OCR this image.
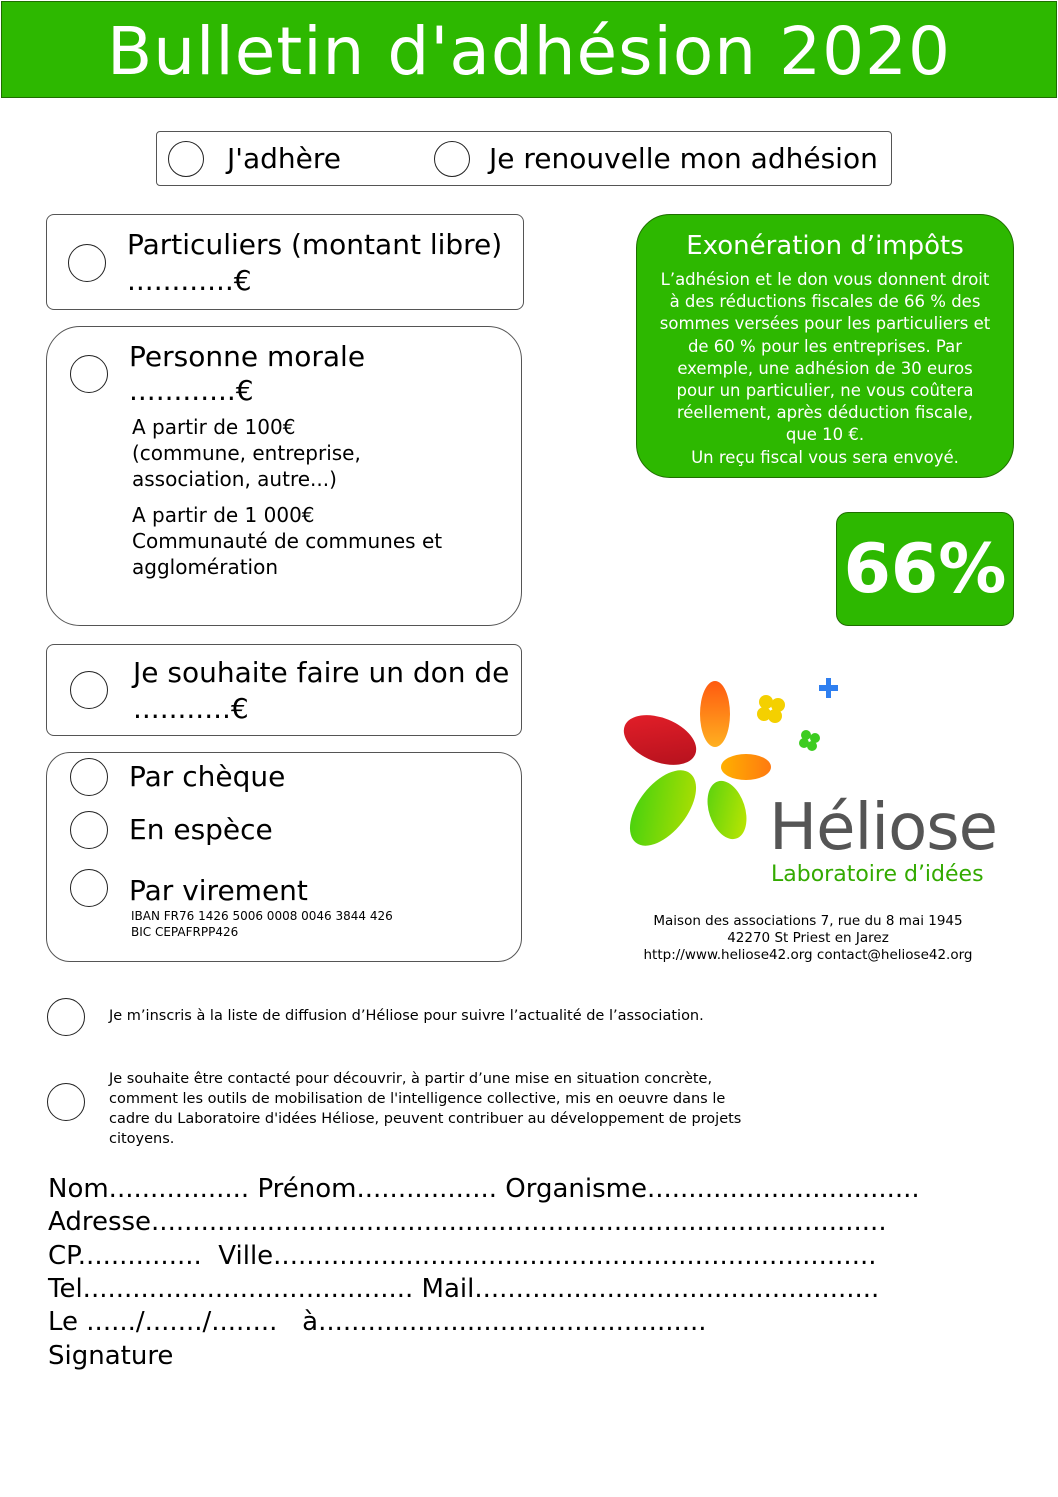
Bulletin d'adhésion 2020
J'adhère	Je renouvelle mon adhésion
Particuliers (montant libre)
............€
Personne morale
............€
A partir de 100€
(commune, entreprise,
association, autre...)
A partir de 1 000€
Communauté de communes et
agglomération
Je souhaite faire un don de
...........€
Par chèque
En espèce
Par virement
IBAN FR76 1426 5006 0008 0046 3844 426
BIC CEPAFRPP426
Exonération d’impôts
L’adhésion et le don vous donnent droit
à des réductions fiscales de 66 % des
sommes versées pour les particuliers et
de 60 % pour les entreprises. Par
exemple, une adhésion de 30 euros
pour un particulier, ne vous coûtera
réellement, après déduction fiscale,
que 10 €.
Un reçu fiscal vous sera envoyé.
66%
Héliose
Laboratoire d’idées
Maison des associations 7, rue du 8 mai 1945
42270 St Priest en Jarez
http://www.heliose42.org contact@heliose42.org
Je m’inscris à la liste de diffusion d’Héliose pour suivre l’actualité de l’association.
Je souhaite être contacté pour découvrir, à partir d’une mise en situation concrète,
comment les outils de mobilisation de l'intelligence collective, mis en oeuvre dans le
cadre du Laboratoire d'idées Héliose, peuvent contribuer au développement de projets
citoyens.
Nom................. Prénom................. Organisme.................................
Adresse.........................................................................................
CP...............  Ville.........................................................................
Tel........................................ Mail.................................................
Le ....../......./........   à...............................................
Signature
